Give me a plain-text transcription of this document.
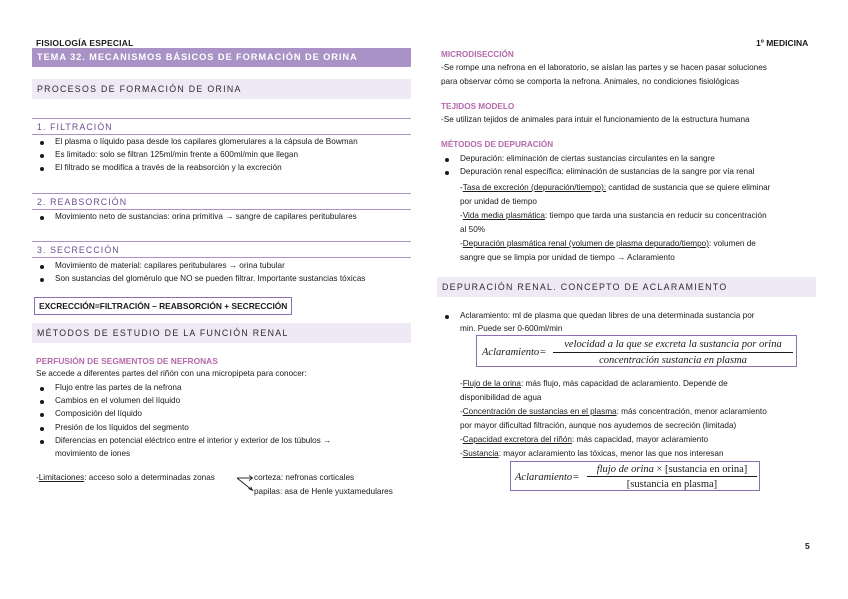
FISIOLOGÍA ESPECIAL	1º MEDICINA
5
TEMA 32. MECANISMOS BÁSICOS DE FORMACIÓN DE ORINA
PROCESOS DE FORMACIÓN DE ORINA
1. FILTRACIÓN
El plasma o líquido pasa desde los capilares glomerulares a la cápsula de Bowman
Es limitado: solo se filtran 125ml/min frente a 600ml/min que llegan
El filtrado se modifica a través de la reabsorción y la excreción
2. REABSORCIÓN
Movimiento neto de sustancias: orina primitiva → sangre de capilares peritubulares
3. SECRECCIÓN
Movimiento de material: capilares peritubulares → orina tubular
Son sustancias del glomérulo que NO se pueden filtrar. Importante sustancias tóxicas
EXCRECCIÓN=FILTRACIÓN – REABSORCIÓN + SECRECCIÓN
MÉTODOS DE ESTUDIO DE LA FUNCIÓN RENAL
PERFUSIÓN DE SEGMENTOS DE NEFRONAS
Se accede a diferentes partes del riñón con una micropipeta para conocer:
Flujo entre las partes de la nefrona
Cambios en el volumen del líquido
Composición del líquido
Presión de los líquidos del segmento
Diferencias en potencial eléctrico entre el interior y exterior de los túbulos →
movimiento de iones
-Limitaciones: acceso solo a determinadas zonas	corteza: nefronas corticales
papilas: asa de Henle yuxtamedulares
MICRODISECCIÓN
-Se rompe una nefrona en el laboratorio, se aíslan las partes y se hacen pasar soluciones
para observar cómo se comporta la nefrona. Animales, no condiciones fisiológicas
TEJIDOS MODELO
-Se utilizan tejidos de animales para intuir el funcionamiento de la estructura humana
MÉTODOS DE DEPURACIÓN
Depuración: eliminación de ciertas sustancias circulantes en la sangre
Depuración renal específica: eliminación de sustancias de la sangre por vía renal
-Tasa de excreción (depuración/tiempo): cantidad de sustancia que se quiere eliminar
por unidad de tiempo
-Vida media plasmática: tiempo que tarda una sustancia en reducir su concentración
al 50%
-Depuración plasmática renal (volumen de plasma depurado/tiempo): volumen de
sangre que se limpia por unidad de tiempo → Aclaramiento
DEPURACIÓN RENAL. CONCEPTO DE ACLARAMIENTO
Aclaramiento: ml de plasma que quedan libres de una determinada sustancia por
min. Puede ser 0-600ml/min
Aclaramiento =
velocidad a la que se excreta la sustancia por orina
concentración sustancia en plasma
-Flujo de la orina: más flujo, más capacidad de aclaramiento. Depende de
disponibilidad de agua
-Concentración de sustancias en el plasma: más concentración, menor aclaramiento
por mayor dificultad filtración, aunque nos ayudemos de secreción (limitada)
-Capacidad excretora del riñón: más capacidad, mayor aclaramiento
-Sustancia: mayor aclaramiento las tóxicas, menor las que nos interesan
Aclaramiento =
flujo de orina × [sustancia en orina]
[sustancia en plasma]
